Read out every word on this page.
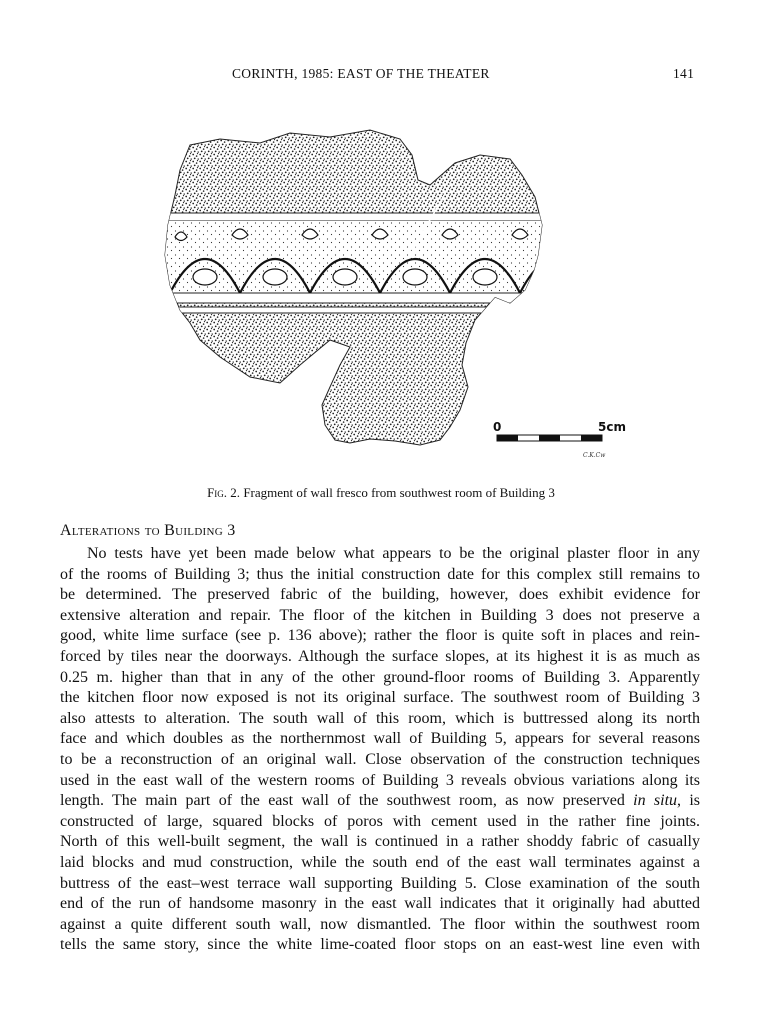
CORINTH, 1985: EAST OF THE THEATER	141
0	5cm
C.K.Cw
Fig. 2. Fragment of wall fresco from southwest room of Building 3
Alterations to Building 3
No tests have yet been made below what appears to be the original plaster floor in any
of the rooms of Building 3; thus the initial construction date for this complex still remains to
be determined. The preserved fabric of the building, however, does exhibit evidence for
extensive alteration and repair. The floor of the kitchen in Building 3 does not preserve a
good, white lime surface (see p. 136 above); rather the floor is quite soft in places and rein-
forced by tiles near the doorways. Although the surface slopes, at its highest it is as much as
0.25 m. higher than that in any of the other ground-floor rooms of Building 3. Apparently
the kitchen floor now exposed is not its original surface. The southwest room of Building 3
also attests to alteration. The south wall of this room, which is buttressed along its north
face and which doubles as the northernmost wall of Building 5, appears for several reasons
to be a reconstruction of an original wall. Close observation of the construction techniques
used in the east wall of the western rooms of Building 3 reveals obvious variations along its
length. The main part of the east wall of the southwest room, as now preserved in situ, is
constructed of large, squared blocks of poros with cement used in the rather fine joints.
North of this well-built segment, the wall is continued in a rather shoddy fabric of casually
laid blocks and mud construction, while the south end of the east wall terminates against a
buttress of the east–west terrace wall supporting Building 5. Close examination of the south
end of the run of handsome masonry in the east wall indicates that it originally had abutted
against a quite different south wall, now dismantled. The floor within the southwest room
tells the same story, since the white lime-coated floor stops on an east-west line even with
